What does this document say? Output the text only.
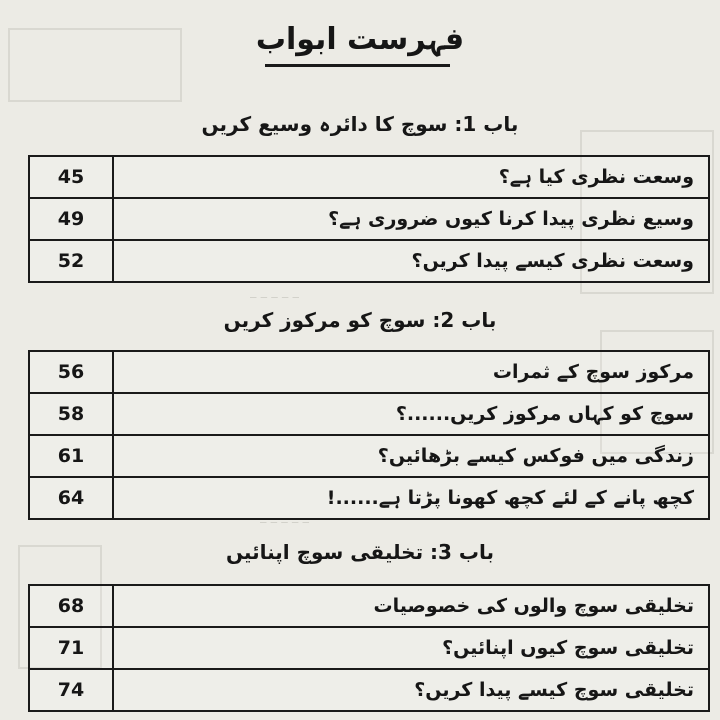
⎯ ⎯ ⎯ ⎯ ⎯
⎯ ⎯ ⎯ ⎯ ⎯
فہرست ابواب
باب 1: سوچ کا دائرہ وسیع کریں
45	وسعت نظری کیا ہے؟
49	وسیع نظری پیدا کرنا کیوں ضروری ہے؟
52	وسعت نظری کیسے پیدا کریں؟
باب 2: سوچ کو مرکوز کریں
56	مرکوز سوچ کے ثمرات
58	سوچ کو کہاں مرکوز کریں......؟
61	زندگی میں فوکس کیسے بڑھائیں؟
64	کچھ پانے کے لئے کچھ کھونا پڑتا ہے......!
باب 3: تخلیقی سوچ اپنائیں
68	تخلیقی سوچ والوں کی خصوصیات
71	تخلیقی سوچ کیوں اپنائیں؟
74	تخلیقی سوچ کیسے پیدا کریں؟
